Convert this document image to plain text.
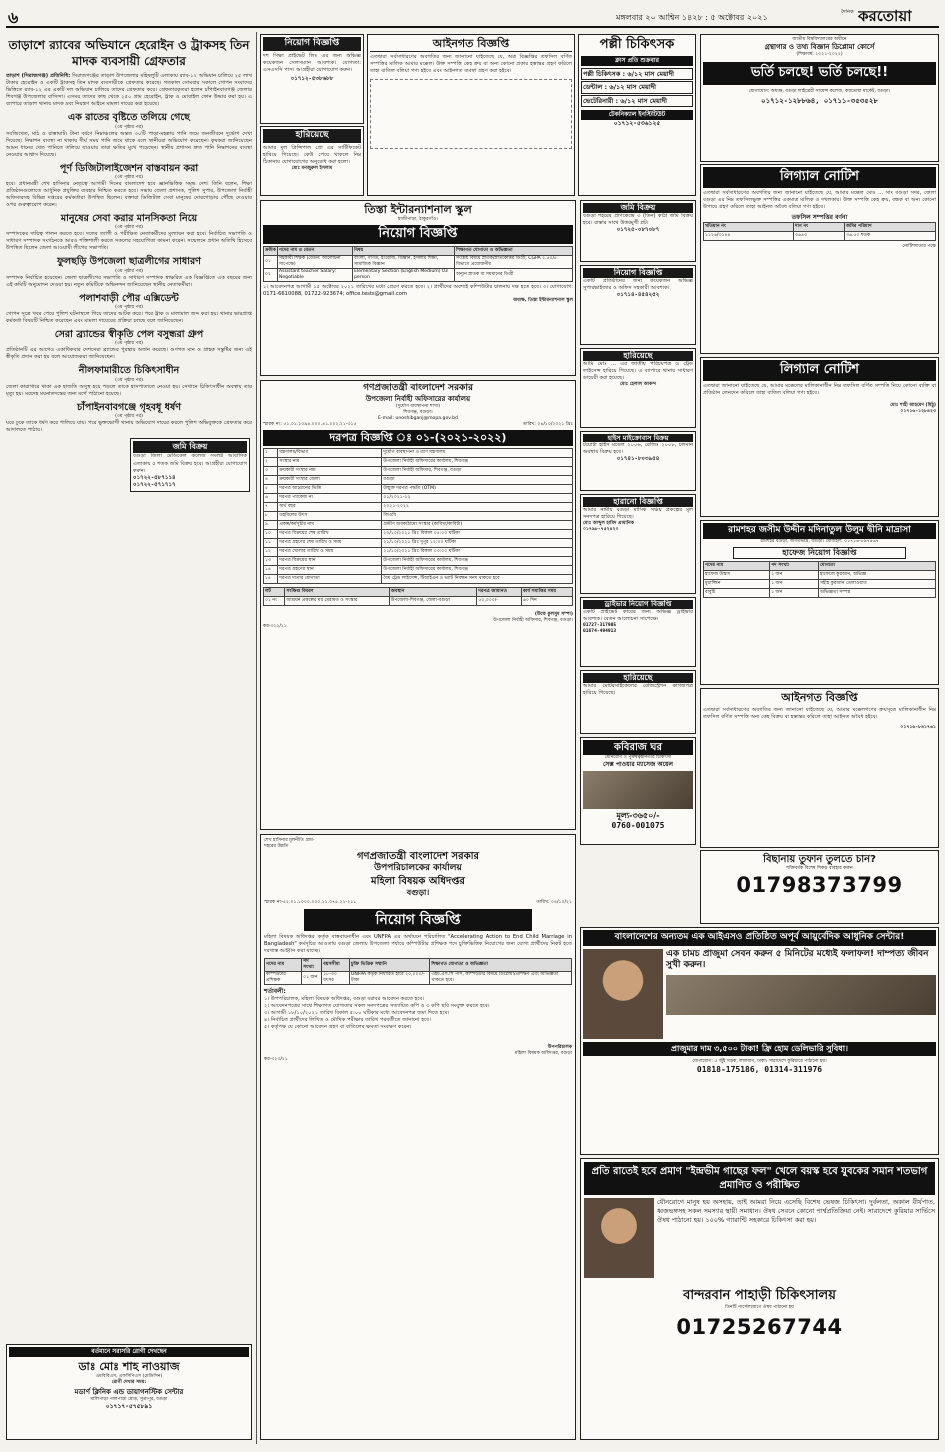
৬	মঙ্গলবার ২০ আশ্বিন ১৪২৮ : ৫ অক্টোবর ২০২১
দৈনিক করতোয়া
তাড়াশে র‌্যাবের অভিযানে হেরোইন ও ট্রাকসহ তিন মাদক ব্যবসায়ী গ্রেফতার
তাড়াশ (সিরাজগঞ্জ) প্রতিনিধি: সিরাজগঞ্জের তাড়াশ উপজেলার মহিষলুটি এলাকায় র‌্যাব-১২ অভিযান চালিয়ে ২৫ লাখ টাকার হেরোইন ও একটি ট্রাকসহ তিন মাদক ব্যবসায়ীকে গ্রেফতার করেছে। গতকাল সোমবার সকালে গোপন সংবাদের ভিত্তিতে র‌্যাব-১২ এর একটি দল অভিযান চালিয়ে তাদের গ্রেফতার করে। গ্রেফতারকৃতরা হলেন চাঁপাইনবাবগঞ্জ জেলার শিবগঞ্জ উপজেলার বাসিন্দা। এসময় তাদের কাছ থেকে ২৫০ গ্রাম হেরোইন, ট্রাক ও মোবাইল ফোন উদ্ধার করা হয়। এ ব্যাপারে তাড়াশ থানায় মাদক দ্রব্য নিয়ন্ত্রণ আইনে মামলা দায়ের করা হয়েছে।
এক রাতের বৃষ্টিতে তলিয়ে গেছে
(৩য় পৃষ্ঠার পর)
সবজিখেত, মাঠ ও রাস্তাঘাট। টানা বর্ষণে নিম্নাঞ্চলের অন্তত ৩০টি পাড়া-মহল্লায় পানি জমে জনজীবনে দুর্ভোগ দেখা দিয়েছে। নিষ্কাশন ব্যবস্থা না থাকায় দীর্ঘ সময় পানি জমে থাকে বলে স্থানীয়রা অভিযোগ করেছেন। কৃষকরা জানিয়েছেন আমন ধানের খেত পানিতে তলিয়ে যাওয়ায় তারা ক্ষতির মুখে পড়েছেন। স্থানীয় প্রশাসন দ্রুত পানি নিষ্কাশনের ব্যবস্থা নেওয়ার আশ্বাস দিয়েছে।
পূর্ণ ডিজিটালাইজেশন বাস্তবায়ন করা
(৩য় পৃষ্ঠার পর)
হবে। প্রধানমন্ত্রী শেখ হাসিনার নেতৃত্বে আগামী দিনের বাংলাদেশ হবে জ্ঞানভিত্তিক সমৃদ্ধ দেশ। তিনি বলেন, শিক্ষা প্রতিষ্ঠানগুলোতে আধুনিক প্রযুক্তির ব্যবহার নিশ্চিত করতে হবে। সভায় জেলা প্রশাসক, পুলিশ সুপার, উপজেলা নির্বাহী অফিসারসহ বিভিন্ন দপ্তরের কর্মকর্তারা উপস্থিত ছিলেন। বক্তারা ডিজিটাল সেবা মানুষের দোরগোড়ায় পৌঁছে দেওয়ার ওপর গুরুত্বারোপ করেন।
মানুষের সেবা করার মানসিকতা নিয়ে
(৩য় পৃষ্ঠার পর)
সম্পাদকের দায়িত্ব পালন করতে হবে। দলের ত্যাগী ও পরীক্ষিত নেতাকর্মীদের মূল্যায়ন করা হবে। নির্বাচিত সভাপতি ও সাধারণ সম্পাদক সংগঠনকে আরও শক্তিশালী করতে সকলের সহযোগিতা কামনা করেন। সম্মেলনে প্রধান অতিথি হিসেবে উপস্থিত ছিলেন জেলা আওয়ামী লীগের সভাপতি।
ফুলছড়ি উপজেলা ছাত্রলীগের সাধারণ
(৩য় পৃষ্ঠার পর)
সম্পাদক নির্বাচিত হয়েছেন। জেলা ছাত্রলীগের সভাপতি ও সাধারণ সম্পাদক স্বাক্ষরিত এক বিজ্ঞপ্তিতে এক বছরের জন্য এই কমিটি অনুমোদন দেওয়া হয়। নতুন কমিটিকে অভিনন্দন জানিয়েছেন স্থানীয় নেতাকর্মীরা।
পলাশবাড়ী পৌর এক্সিডেন্ট
(৩য় পৃষ্ঠার পর)
গোপন সূত্রে খবর পেয়ে পুলিশ ঘটনাস্থলে গিয়ে তাদের আটক করে। পরে ট্রাক ও মালামাল জব্দ করা হয়। থানার ভারপ্রাপ্ত কর্মকর্তা বিষয়টি নিশ্চিত করেছেন এবং মামলা দায়েরের প্রক্রিয়া চলছে বলে জানিয়েছেন।
সেরা ব্র্যান্ডের স্বীকৃতি পেল বসুন্ধরা গ্রুপ
(৩য় পৃষ্ঠার পর)
প্রতিষ্ঠানটি এর আগেও একাধিকবার দেশসেরা ব্র্যান্ডের পুরস্কার অর্জন করেছে। গুণগত মান ও গ্রাহক সন্তুষ্টির জন্য এই স্বীকৃতি প্রদান করা হয় বলে আয়োজকরা জানিয়েছেন।
নীলফামারীতে চিকিৎসাধীন
(৩য় পৃষ্ঠার পর)
জেলা কারাগারে থাকা এক হাজতি অসুস্থ হয়ে পড়লে তাকে হাসপাতালে নেওয়া হয়। সেখানে চিকিৎসাধীন অবস্থায় তার মৃত্যু হয়। মরদেহ ময়নাতদন্তের জন্য মর্গে পাঠানো হয়েছে।
চাঁপাইনবাবগঞ্জে গৃহবধূ ধর্ষণ
(৩য় পৃষ্ঠার পর)
ঘরে ঢুকে তাকে ধর্ষণ করে পালিয়ে যায়। পরে ভুক্তভোগী থানায় অভিযোগ দায়ের করলে পুলিশ অভিযুক্তকে গ্রেফতার করে আদালতে পাঠায়।
জমি বিক্রয়
বগুড়া জিলা মেডিকেল কলেজ সংলগ্ন আবাসিক এলাকায় ৫ শতক জমি বিক্রয় হবে। আগ্রহীরা যোগাযোগ করুন।
০১৭২২-৫৮৭১১৪
০১৭২২-৫৭১৭১৭
বর্তমানে সরাসরি রোগী দেখছেন
ডাঃ মোঃ শাহ নাওয়াজ
এমবিবিএস, এফসিপিএস (মেডিসিন)
রোগী দেখার সময়:
মডার্ণ ক্লিনিক এন্ড ডায়াগনস্টিক সেন্টার
মালিপাড়া পালপাড়া মোড়, সুত্রাপুর, বগুড়া
০১৭১৭-৫৭৫৮৯১
নিয়োগ বিজ্ঞপ্তি
দশ সিক্ষা প্রাইভেট লিঃ এর জন্য অভিজ্ঞ কয়েকজন সেলসম্যান আবশ্যক। যোগ্যতা: এসএসসি পাস। আগ্রহীরা যোগাযোগ করুন।
০১৭১২-৫৩৮৬৮৮
হারিয়েছে
আমার মূল প্রিন্সিপাল প্রো এর সার্টিফিকেট হারিয়ে গিয়েছে। কেউ পেয়ে থাকলে নিম্ন ঠিকানায় যোগাযোগের অনুরোধ করা হলো।
মোঃ মনজুরুল ইসলাম
আইনগত বিজ্ঞপ্তি
এতদ্বারা সর্বসাধারণের অবগতির জন্য জানানো যাইতেছে যে, অত্র বিজ্ঞপ্তির তফসিল বর্ণিত সম্পত্তির মালিক আমার মক্কেল। উক্ত সম্পত্তি কেহ ক্রয় বা অন্য কোনো প্রকার হস্তান্তর গ্রহণ করিলে তাহা বাতিল বলিয়া গণ্য হইবে এবং আইনগত ব্যবস্থা গ্রহণ করা হইবে।
পল্লী চিকিৎসক
ক্লাস প্রতি শুক্রবার
পল্লী চিকিৎসক : ৬/১২ মাস মেয়াদী
ডেন্টাল : ৬/১২ মাস মেয়াদী
ভেটেরিনারী : ৬/১২ মাস মেয়াদী
টেকনিক্যাল ইনস্টিটিউট
০১৭১২-৫৩৬১২৫
জাতীয় বিশ্ববিদ্যালয়ের অধীনে
গ্রন্থাগার ও তথ্য বিজ্ঞান ডিপ্লোমা কোর্সে
(শিক্ষাবর্ষ: ২০২১-২০২২)
ভর্তি চলছে! ভর্তি চলছে!!
যোগাযোগ: অধ্যক্ষ, বগুড়া লাইব্রেরী সায়েন্স কলেজ, করতোয়া মার্কেট, বগুড়া।
০১৭১২-১২৮৮৬৪, ০১৭১১-৩৫৩৫২৮
লিগ্যাল নোটিশ
এতদ্বারা সর্বসাধারণের অবগতির জন্য জানানো যাইতেছে যে, আমার মক্কেল মোঃ ... সাং বগুড়া সদর, জেলা বগুড়া এর নিম্ন তফসিলভুক্ত সম্পত্তির একমাত্র মালিক ও দখলকার। উক্ত সম্পত্তি কেহ ক্রয়, বন্ধক বা অন্য কোনো উপায়ে গ্রহণ করিলে তাহা আইনত অবৈধ বলিয়া গণ্য হইবে।
তফসিল সম্পত্তির বর্ণনা
খতিয়ান নং	দাগ নং	জমির পরিমাণ
১১২৬/৩১৪৪	৩৬৪৩	৩৬.৫০ শতক
নোটিশদাতার পক্ষে
তিস্তা ইন্টারন্যাশনাল স্কুল
হাজীপাড়া, ঠাকুরগাঁও।
নিয়োগ বিজ্ঞপ্তি
ক্রমিক	পদের নাম ও বেতন	বিষয়	শিক্ষাগত যোগ্যতা ও অভিজ্ঞতা
০১	সহকারী শিক্ষক (বেতন: আলোচনা সাপেক্ষে)	বাংলা, গণিত, ইংরেজি, বিজ্ঞান, ইসলাম শিক্ষা, সামাজিক বিজ্ঞান	সংশ্লিষ্ট বিষয়ে স্নাতক/স্নাতকোত্তর ডিগ্রী; CGPA ২.৫০/৫ বিভাগে প্রয়োজনীয়
০২	Assistant teacher Salary: Negotiable	Elementary Section (English Medium) 03 person	অন্যূন স্নাতক বা সমমানের ডিগ্রী
১। আবেদনপত্র আগামী ১৫ অক্টোবর ২০২১ তারিখের মধ্যে প্রেরণ করতে হবে। ২। প্রার্থীদের অবশ্যই কম্পিউটার চালনায় দক্ষ হতে হবে। ৩। যোগাযোগ: 0171-6610088, 01722-923674; office.tests@gmail.com
অধ্যক্ষ, তিস্তা ইন্টারন্যাশনাল স্কুল
জমি বিক্রয়
বগুড়া শহরের প্রাণকেন্দ্রে ৩ (তিন) কাঠা জমি বিক্রয় হবে। রাস্তার সাথে উত্তরমুখী প্লট।
০১৭২৫-০৮৭০৮৭
নিয়োগ বিজ্ঞপ্তি
একটি প্রতিষ্ঠানের জন্য কয়েকজন অভিজ্ঞ সুপারভাইজার ও অফিস সহকারী আবশ্যক।
০১৭১৪-৪৫৪২৫২
হারিয়েছে
আমি মোঃ ... এর জাতীয় পরিচয়পত্র ও ট্রেড লাইসেন্স হারিয়ে গিয়েছে। এ ব্যাপারে থানায় সাধারণ ডায়েরী করা হয়েছে।
মোঃ হেলাল আকন্দ
হাইস মাইক্রোবাস বিক্রয়
টয়োটা হাইস মডেল ২০০৬, রেজিঃ ২০০৮, চলমান অবস্থায় বিক্রয় হবে।
০১৭৪১-৮০৩৯৫৪
হারানো বিজ্ঞপ্তি
আমার নামীয় বগুড়া মাসিক সঞ্চয় প্রকল্পের মূল সনদপত্র হারিয়ে গিয়েছে।
মোঃ আব্দুল হামিদ প্রামানিক
০১৭৯৮-৭৫২৪২০
ড্রাইভার নিয়োগ বিজ্ঞপ্তি
একটি প্রাইভেট কারের জন্য অভিজ্ঞ ড্রাইভার আবশ্যক। বেতন আলোচনা সাপেক্ষে।
01727-317905
01674-494913
হারিয়েছে
আমার মোটরসাইকেলের রেজিস্ট্রেশন কাগজপত্র হারিয়ে গিয়েছে।
কবিরাজ ঘর
যৌনরোগ ও পুরুষত্বহীনতার চিকিৎসা
সেক্স পাওয়ার ম্যাসেজ অয়েল
মূল্য-৩৬৫০/-
0760-001075
লিগ্যাল নোটিশ
এতদ্বারা জানানো যাইতেছে যে, আমার মক্কেলের মালিকানাধীন নিম্ন তফসিল বর্ণিত সম্পত্তি নিয়ে কোনো ব্যক্তি বা প্রতিষ্ঠান লেনদেন করিলে তাহা বাতিল বলিয়া গণ্য হইবে।
মোঃ শাহী আহমেদ (মিঠু)
০১৭১৬-১২৮৪২৩
রামশহর জসীম উদ্দীন মদিনাতুল উলুম দ্বীনি মাদ্রাসা
রামশহর বগুড়া, জগতভাদ্র, বগুড়া। মোবাইল: ০১৭১৬-৮৯৭৪৬৭
হাফেজ নিয়োগ বিজ্ঞপ্তি
পদের নাম	পদ সংখ্যা	যোগ্যতা
হাফেজ উস্তাদ	২ জন	হাফেজে কুরআন, অভিজ্ঞ
মুয়াজ্জিন	১ জন	সহীহ কুরআন তেলাওয়াত
বাবুর্চি	১ জন	অভিজ্ঞতা সম্পন্ন
আইনগত বিজ্ঞপ্তি
এতদ্বারা সর্বসাধারণের অবগতির জন্য জানানো যাইতেছে যে, আমার মক্কেলগণের ক্রয়সূত্রে মালিকানাধীন নিম্ন তফসিল বর্ণিত সম্পত্তি অন্য কেহ বিক্রয় বা হস্তান্তর করিলে তাহা আইনত অবৈধ হইবে।
০১৭১৬-৮৪১৭৬১
বিছানায় তুফান তুলতে চান?
শক্তিবর্ধক বিশেষ শিকড় ব্যবহার করুন
01798373799
গণপ্রজাতন্ত্রী বাংলাদেশ সরকার
উপজেলা নির্বাহী অফিসারের কার্যালয়
(দুর্যোগ ব্যবস্থাপনা শাখা)
শিবগঞ্জ, বগুড়া।
E-mail: unoshibganj@mopa.gov.bd
স্মারক নং: ৫১.০১.১০৯৪.০০০.৪১.০০২.২১-৩১৫	তারিখ: ০৪/১০/২০২১ খ্রিঃ
দরপত্র বিজ্ঞপ্তি ঃ ০১-(২০২১-২০২২)
১	মন্ত্রণালয়/বিভাগ	দুর্যোগ ব্যবস্থাপনা ও ত্রাণ মন্ত্রণালয়
২	সংস্থার নাম	উপজেলা নির্বাহী অফিসারের কার্যালয়, শিবগঞ্জ
৩	ক্রয়কারী সংস্থার নাম	উপজেলা নির্বাহী অফিসার, শিবগঞ্জ, বগুড়া
৪	ক্রয়কারী সংস্থার জেলা	বগুড়া
৫	দরপত্র আহ্বানের ভিত্তি	উন্মুক্ত দরপত্র পদ্ধতি (OTM)
৬	দরপত্র প্যাকেজ নং	০১/২০২১-২২
৭	অর্থ বছর	২০২১-২০২২
৮	তহবিলের উৎস	জিওবি
৯	প্রকল্প/কর্মসূচীর নাম	গ্রামীণ অবকাঠামো সংস্কার (কাবিখা/কাবিটা)
১০	দরপত্র বিক্রয়ের শেষ তারিখ	২০/১০/২০২১ খ্রিঃ বিকাল ০৫:০০ ঘটিকা
১১	দরপত্র গ্রহণের শেষ তারিখ ও সময়	২১/১০/২০২১ খ্রিঃ দুপুর ১২:০০ ঘটিকা
১২	দরপত্র খোলার তারিখ ও সময়	২১/১০/২০২১ খ্রিঃ বিকাল ০৩:০০ ঘটিকা
১৩	দরপত্র বিক্রয়ের স্থান	উপজেলা নির্বাহী অফিসারের কার্যালয়, শিবগঞ্জ
১৪	দরপত্র গ্রহণের স্থান	উপজেলা নির্বাহী অফিসারের কার্যালয়, শিবগঞ্জ
১৫	দরপত্র দাতার যোগ্যতা	বৈধ ট্রেড লাইসেন্স, টিআইএন ও ভ্যাট নিবন্ধন সনদ থাকতে হবে
লট	সংক্ষিপ্ত বিবরণ	অবস্থান	দরপত্র জামানত	কার্য সমাপ্তির সময়
০১ নং	আশ্রয়ন প্রকল্পের ঘর মেরামত ও সংস্কার	উপজেলা-শিবগঞ্জ, জেলা-বগুড়া	৫০,০০০/-	৬০ দিন
(উম্মে কুলসুম সম্পা)
উপজেলা নির্বাহী অফিসার, শিবগঞ্জ, বগুড়া।
কর-৩২২/২১
শেখ হাসিনার মূলনীতি গ্রাম-শহরের উন্নতি
গণপ্রজাতন্ত্রী বাংলাদেশ সরকার
উপপরিচালকের কার্যালয়
মহিলা বিষয়ক অধিদপ্তর
বগুড়া।
স্মারক নং-৫২.০১.১০০০.০০০.১১.০৭৫.২১-২১১	তারিখ: ০৪/১০/২১
নিয়োগ বিজ্ঞপ্তি
মহিলা বিষয়ক অধিদপ্তর কর্তৃক বাস্তবায়নাধীন এবং UNFPA এর অর্থায়নে পরিচালিত "Accelerating Action to End Child Marriage in Bangladesh" কর্মসূচির আওতায় বগুড়া জেলায় উপজেলা পর্যায়ে কম্পিউটার প্রশিক্ষক পদে চুক্তিভিত্তিক নিয়োগের জন্য যোগ্য প্রার্থীদের নিকট হতে দরখাস্ত আহ্বান করা যাচ্ছে।
পদের নাম	পদ সংখ্যা	বয়সসীমা	চুক্তি ভিত্তিক সম্মানি	শিক্ষাগত যোগ্যতা ও অভিজ্ঞতা
কম্পিউটার প্রশিক্ষক	০১ জন	১৮-৩০ বৎসর	UNFPA কর্তৃক নির্ধারিত হারে ২০,০০০/- টাকা	এইচ.এস.সি পাস, কম্পিউটার বিষয়ে ডিপ্লোমা/প্রশিক্ষণ এবং অভিজ্ঞতা থাকতে হবে।
শর্তাবলী:
১। উপপরিচালক, মহিলা বিষয়ক অধিদপ্তর, বগুড়া বরাবর আবেদন করতে হবে।
২। আবেদনপত্রের সাথে শিক্ষাগত যোগ্যতার সকল সনদপত্রের সত্যায়িত কপি ও ৩ কপি ছবি সংযুক্ত করতে হবে।
৩। আগামী ১৮/১০/২০২১ তারিখ বিকাল ৫:০০ ঘটিকার মধ্যে আবেদনপত্র জমা দিতে হবে।
৪। নির্বাচিত প্রার্থীদের লিখিত ও মৌখিক পরীক্ষার তারিখ পরবর্তীতে জানানো হবে।
৫। কর্তৃপক্ষ যে কোনো আবেদন গ্রহণ বা বাতিলের ক্ষমতা সংরক্ষণ করেন।
উপপরিচালক
মহিলা বিষয়ক অধিদপ্তর, বগুড়া
কর-৩২৩/২১
বাংলাদেশের অন্যতম এক আইএসও প্রতিষ্ঠিত অপূর্ব আয়ুর্বেদিক আধুনিক সেন্টার!
এক চামচ প্রাজুমা সেবন করুন ৫ মিনিটের মধ্যেই ফলাফল! দাম্পত্য জীবন সুখী করুন।
প্রাজুমার দাম ৩,৫০০ টাকা! ফ্রি হোম ডেলিভারি সুবিধা।
যোগাযোগ: ৫ জুঁই সড়ক, লালবাগ, ঢাকা। সারাদেশে কুরিয়ারে পাঠানো হয়।
01818-175186, 01314-311976
প্রতি রাতেই হবে প্রমাণ "ইন্দ্রভীম গাছের ফল" খেলে বয়স্ক হবে যুবকের সমান শতভাগ প্রমাণিত ও পরীক্ষিত
যৌনরোগে মানুষ হয় অসহায়, তাই আমরা নিয়ে এসেছি বিশেষ ভেষজ চিকিৎসা। দুর্বলতা, অকাল বীর্যপাত, ধ্বজভঙ্গসহ সকল সমস্যার স্থায়ী সমাধান। ঔষধ সেবনে কোনো পার্শ্বপ্রতিক্রিয়া নেই। সারাদেশে কুরিয়ার সার্ভিসে ঔষধ পাঠানো হয়। ১০০% গ্যারান্টি সহকারে চিকিৎসা করা হয়।
বান্দরবান পাহাড়ী চিকিৎসালয়
তিনটি পার্সেলযোগে ঔষধ পাঠানো হয়
01725267744
